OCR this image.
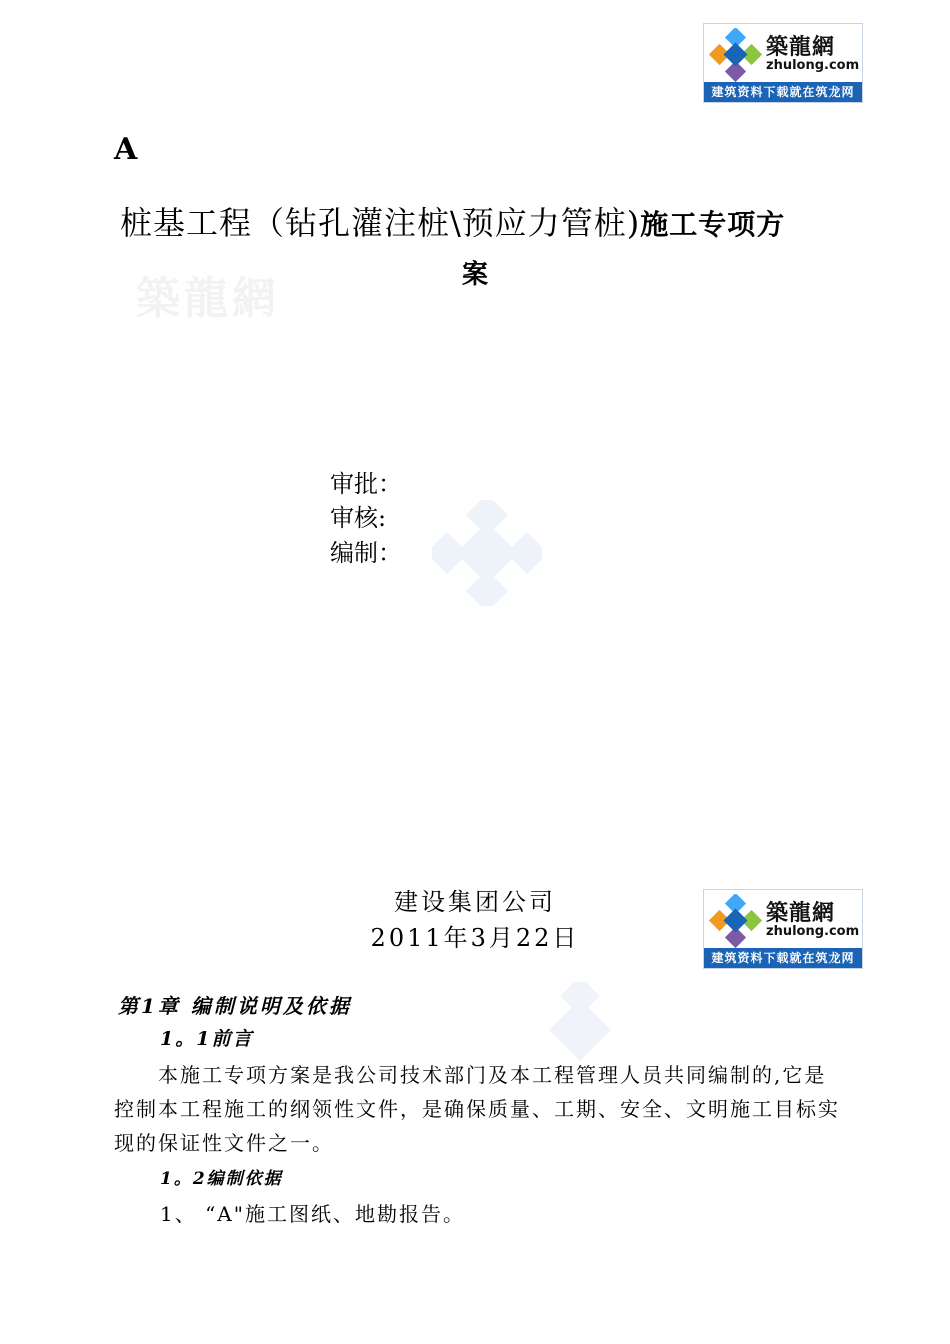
築龍網
築龍網
zhulong.com
建筑资料下载就在筑龙网
A
桩基工程（钻孔灌注桩\预应力管桩)施工专项方
案
审批：
审核:
编制：
建设集团公司
2011年3月22日
築龍網
zhulong.com
建筑资料下载就在筑龙网
第1章 编制说明及依据
1。1前言
本施工专项方案是我公司技术部门及本工程管理人员共同编制的,它是控制本工程施工的纲领性文件，是确保质量、工期、安全、文明施工目标实现的保证性文件之一。
1。2编制依据
1、 “A"施工图纸、地勘报告。
